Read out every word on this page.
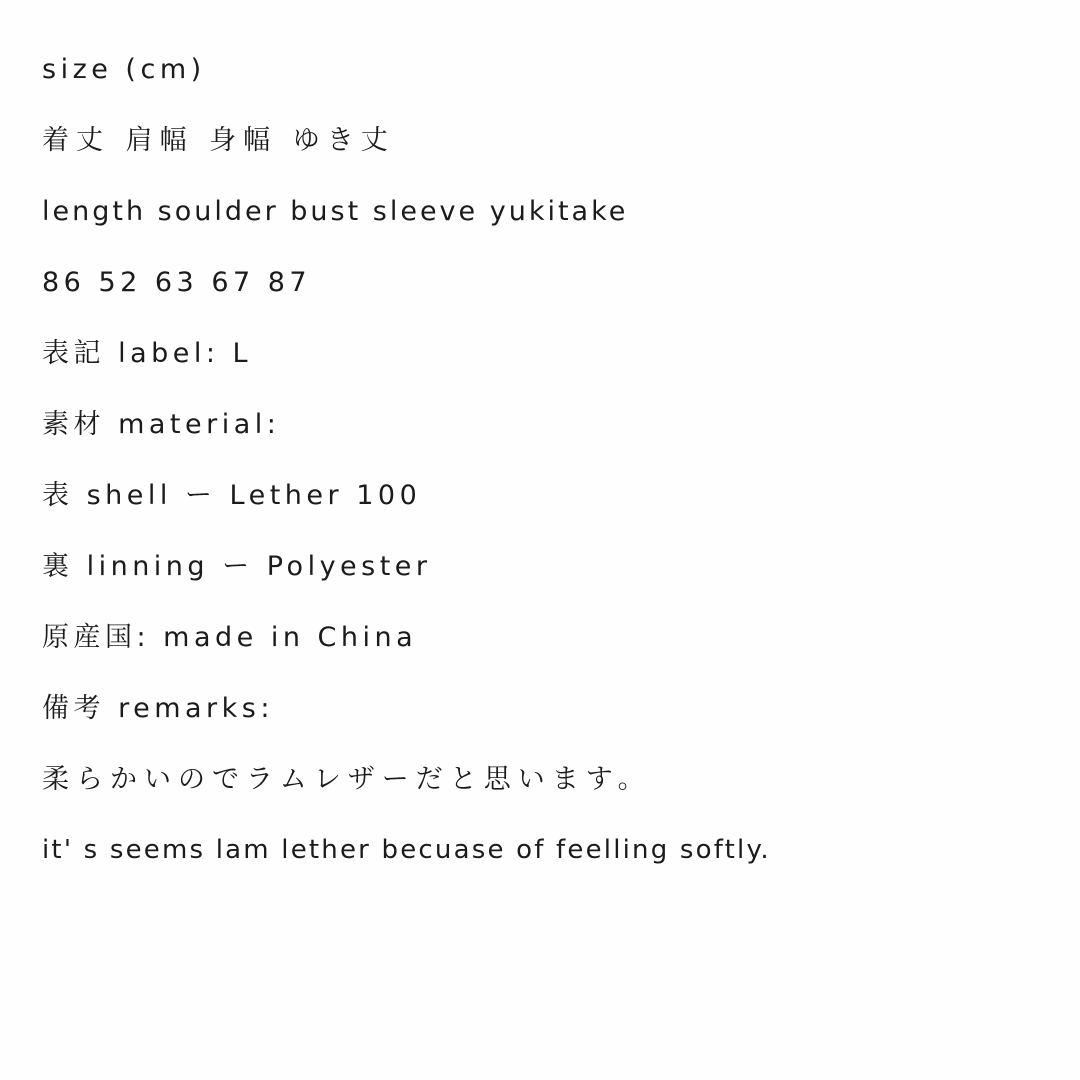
size (cm)
着丈 肩幅 身幅 ゆき丈
length soulder bust sleeve yukitake
86 52 63 67 87
表記 label: L
素材 material:
表 shell ー Lether 100
裏 linning ー Polyester
原産国: made in China
備考 remarks:
柔らかいのでラムレザーだと思います。
it' s seems lam lether becuase of feelling softly.
